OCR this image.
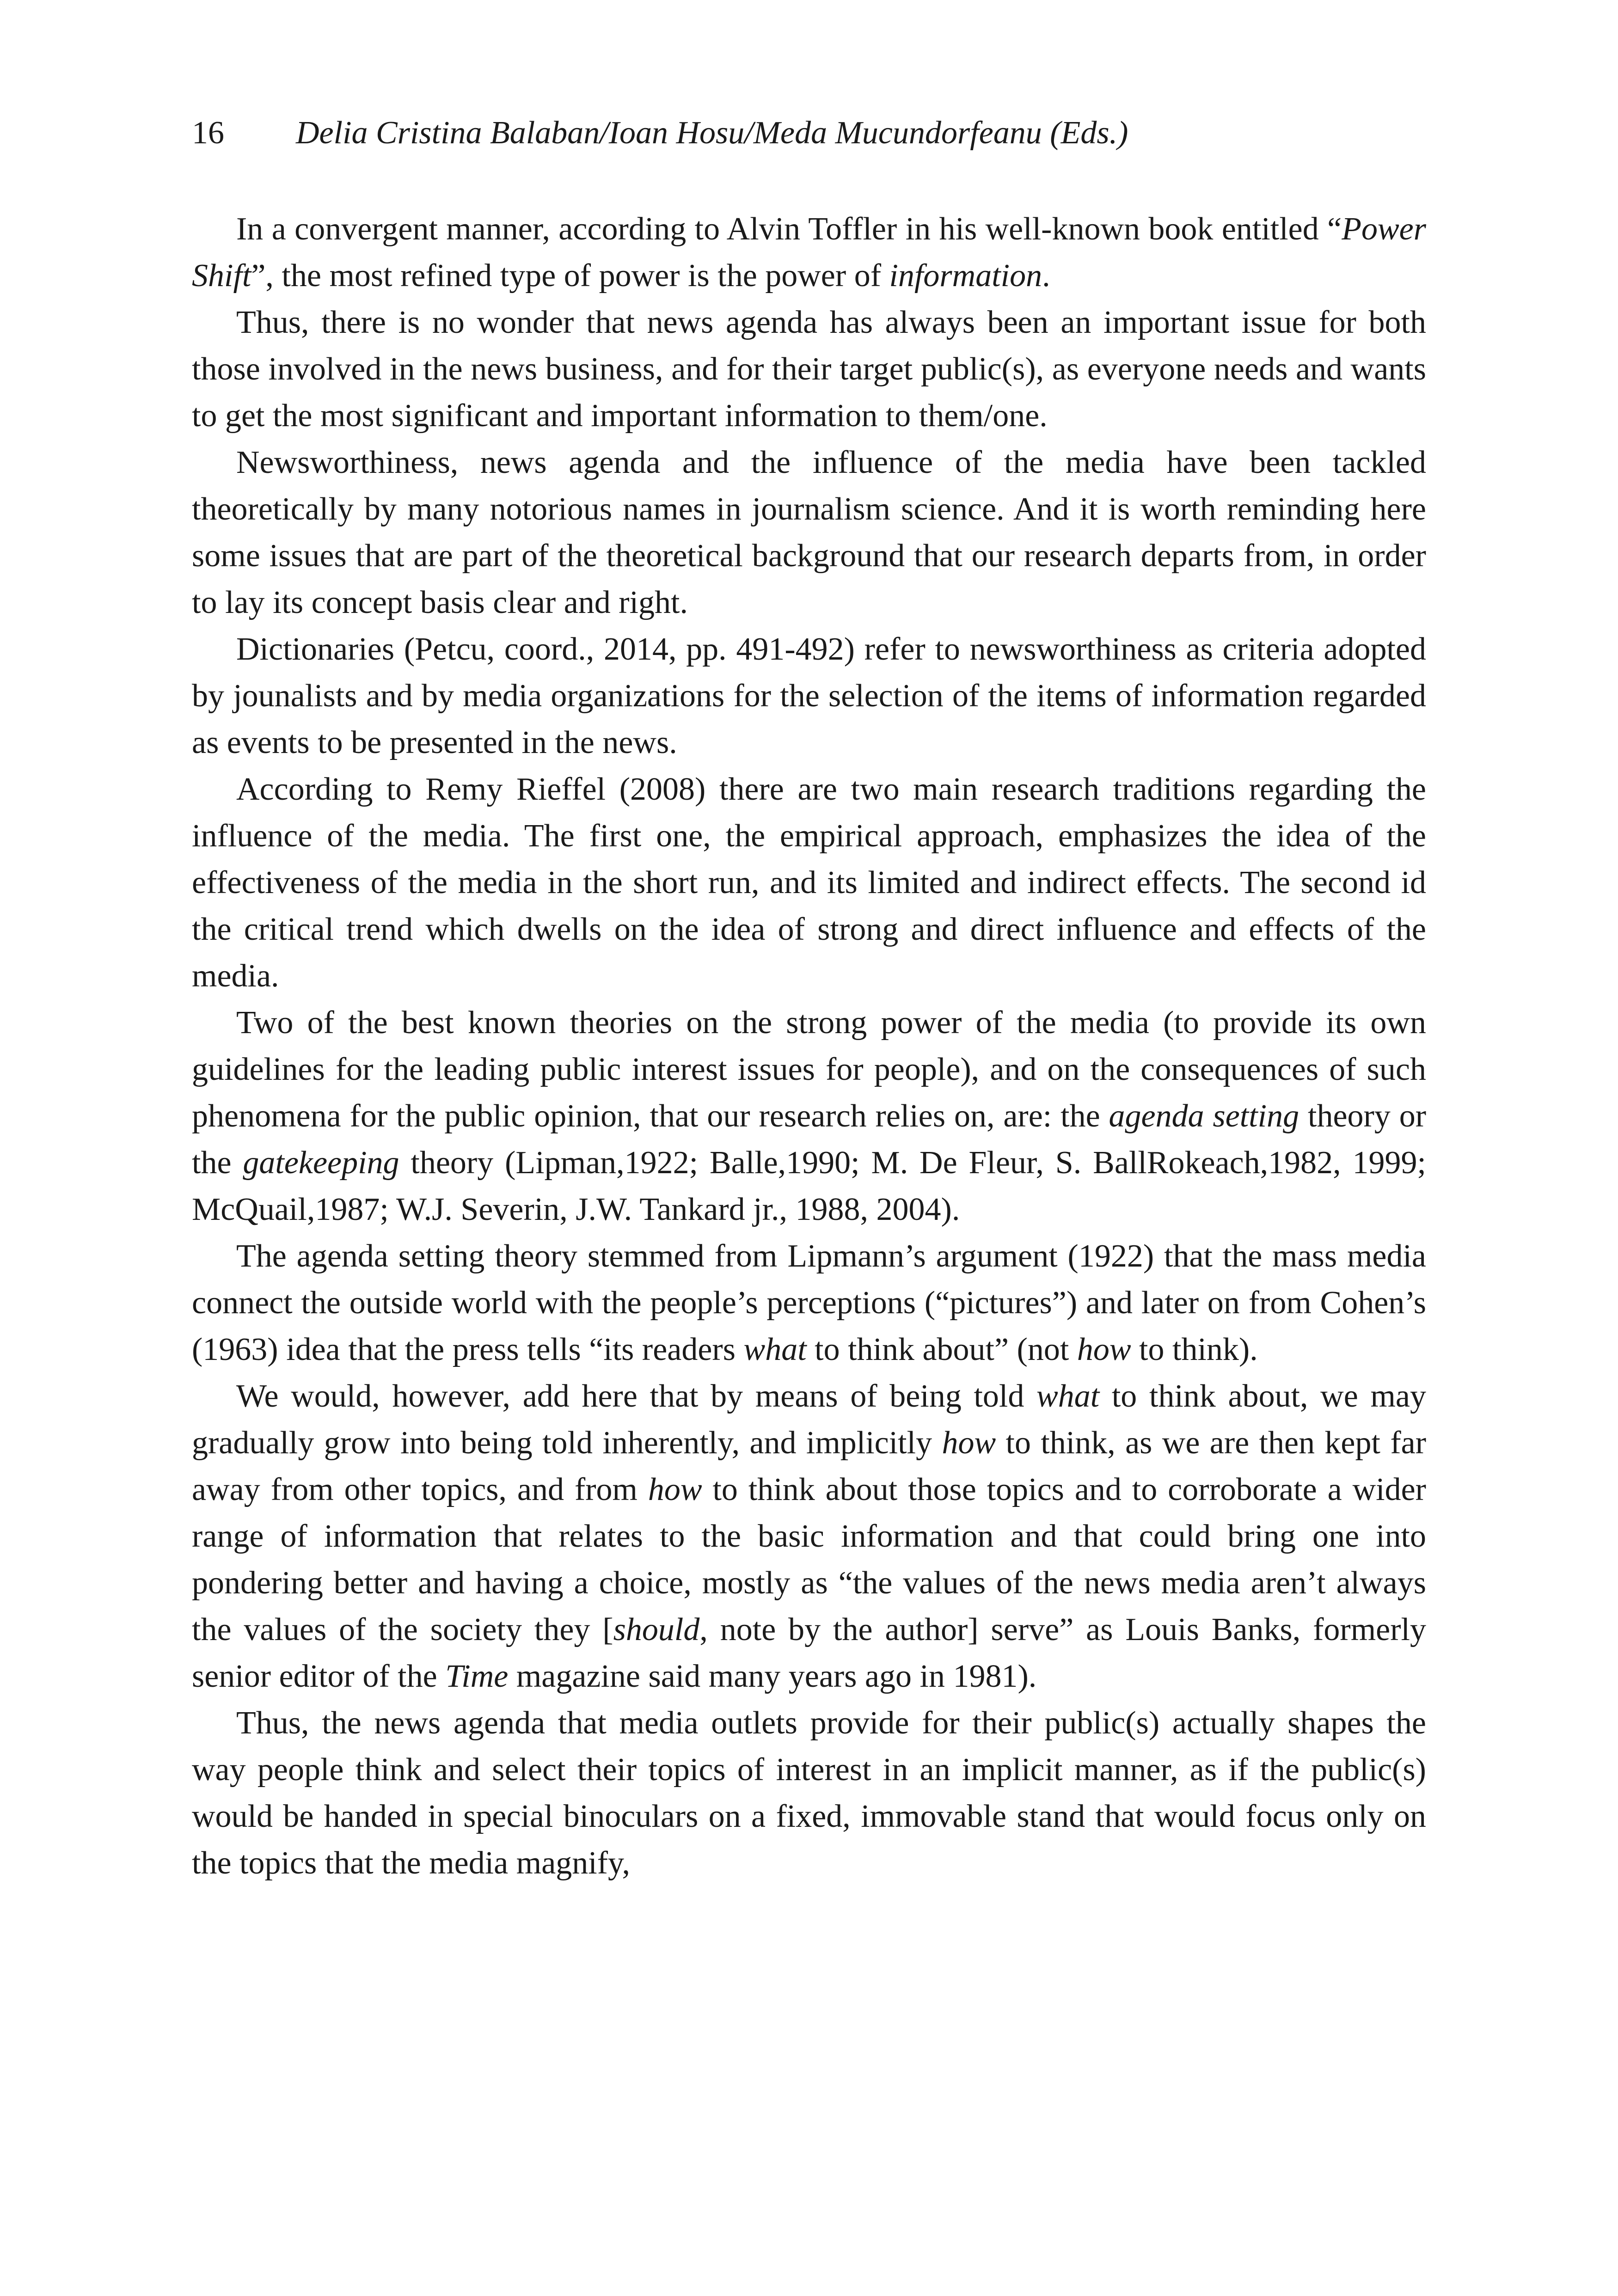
16 Delia Cristina Balaban/Ioan Hosu/Meda Mucundorfeanu (Eds.)

In a convergent manner, according to Alvin Toffler in his well-known book entitled “Power Shift”, the most refined type of power is the power of information.

Thus, there is no wonder that news agenda has always been an important issue for both those involved in the news business, and for their target public(s), as everyone needs and wants to get the most significant and important information to them/one.

Newsworthiness, news agenda and the influence of the media have been tackled theoretically by many notorious names in journalism science. And it is worth reminding here some issues that are part of the theoretical background that our research departs from, in order to lay its concept basis clear and right.

Dictionaries (Petcu, coord., 2014, pp. 491-492) refer to newsworthiness as criteria adopted by jounalists and by media organizations for the selection of the items of information regarded as events to be presented in the news.

According to Remy Rieffel (2008) there are two main research traditions regarding the influence of the media. The first one, the empirical approach, emphasizes the idea of the effectiveness of the media in the short run, and its limited and indirect effects. The second id the critical trend which dwells on the idea of strong and direct influence and effects of the media.

Two of the best known theories on the strong power of the media (to provide its own guidelines for the leading public interest issues for people), and on the consequences of such phenomena for the public opinion, that our research relies on, are: the agenda setting theory or the gatekeeping theory (Lipman,1922; Balle,1990; M. De Fleur, S. BallRokeach,1982, 1999; McQuail,1987; W.J. Severin, J.W. Tankard jr., 1988, 2004).

The agenda setting theory stemmed from Lipmann’s argument (1922) that the mass media connect the outside world with the people’s perceptions (“pictures”) and later on from Cohen’s (1963) idea that the press tells “its readers what to think about” (not how to think).

We would, however, add here that by means of being told what to think about, we may gradually grow into being told inherently, and implicitly how to think, as we are then kept far away from other topics, and from how to think about those topics and to corroborate a wider range of information that relates to the basic information and that could bring one into pondering better and having a choice, mostly as “the values of the news media aren’t always the values of the society they [should, note by the author] serve” as Louis Banks, formerly senior editor of the Time magazine said many years ago in 1981).

Thus, the news agenda that media outlets provide for their public(s) actually shapes the way people think and select their topics of interest in an implicit manner, as if the public(s) would be handed in special binoculars on a fixed, immovable stand that would focus only on the topics that the media magnify,
